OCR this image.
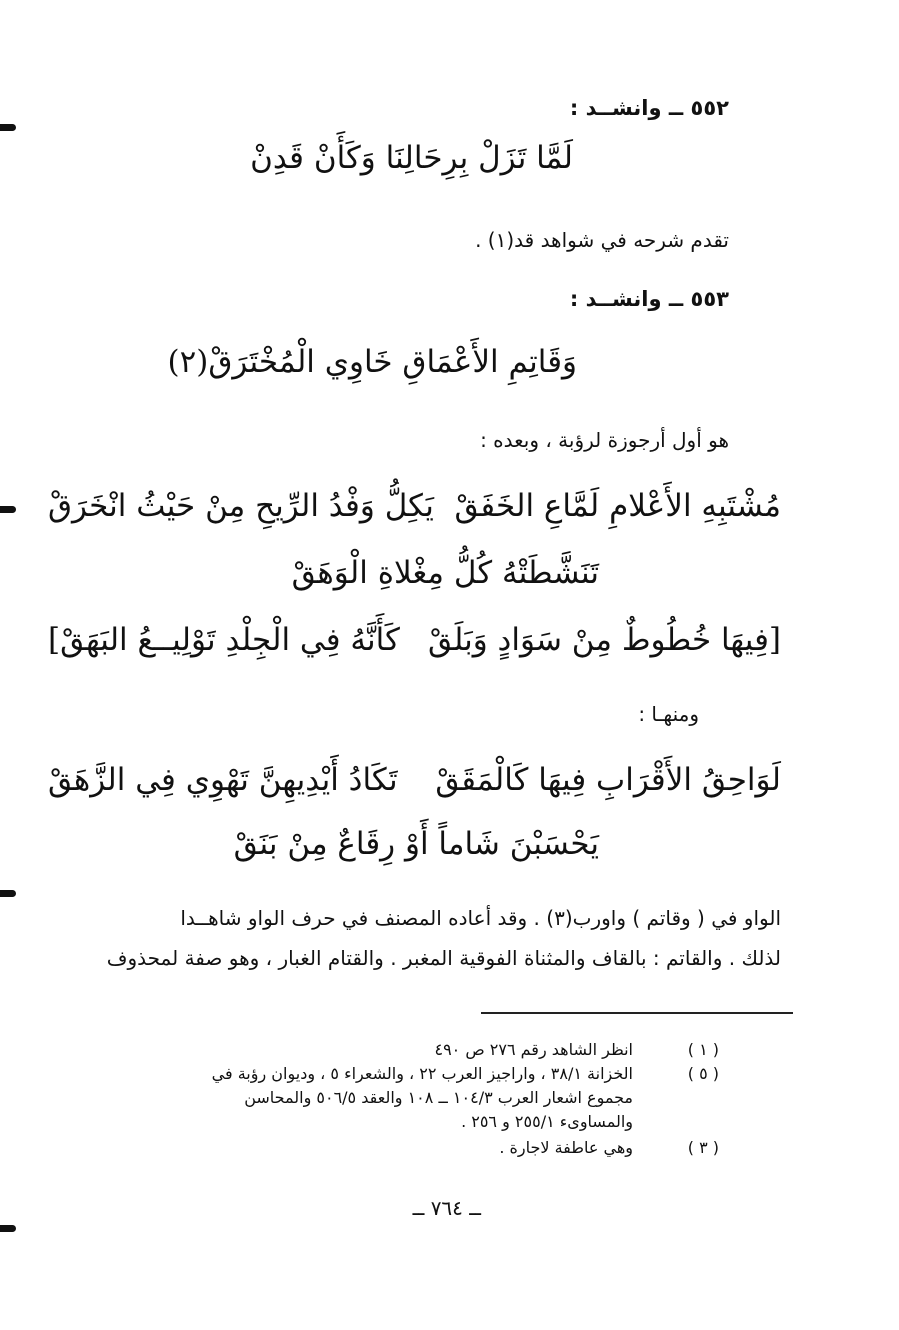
٥٥٢ ــ وانشــد :
لَمَّا تَزَلْ بِرِحَالِنَا وَكَأَنْ قَدِنْ
تقدم شرحه في شواهد قد(١) .
٥٥٣ ــ وانشــد :
وَقَاتِمِ الأَعْمَاقِ خَاوِي الْمُخْتَرَقْ(٢)
هو أول أرجوزة لرؤبة ، وبعده :
مُشْتَبِهِ الأَعْلامِ لَمَّاعِ الخَفَقْ
يَكِلُّ وَفْدُ الرِّيحِ مِنْ حَيْثُ انْخَرَقْ
تَنَشَّطَتْهُ كُلُّ مِغْلاةِ الْوَهَقْ
[فِيهَا خُطُوطٌ مِنْ سَوَادٍ وَبَلَقْ
كَأَنَّهُ فِي الْجِلْدِ تَوْلِيــعُ البَهَقْ]
ومنهـا :
لَوَاحِقُ الأَقْرَابِ فِيهَا كَالْمَقَقْ
تَكَادُ أَيْدِيهِنَّ تَهْوِي فِي الزَّهَقْ
يَحْسَبْنَ شَاماً أَوْ رِقَاعٌ مِنْ بَنَقْ
الواو في ( وقاتم ) واورب(٣) . وقد أعاده المصنف في حرف الواو شاهــدا
لذلك . والقاتم : بالقاف والمثناة الفوقية المغبر . والقتام الغبار ، وهو صفة لمحذوف
( ١ )
انظر الشاهد رقم ٢٧٦ ص ٤٩٠
( ٥ )
الخزانة ٣٨/١ ، واراجيز العرب ٢٢ ، والشعراء ٥ ، وديوان رؤبة في
مجموع اشعار العرب ١٠٤/٣ ــ ١٠٨ والعقد ٥٠٦/٥ والمحاسن
والمساوىء ٢٥٥/١ و ٢٥٦ .
( ٣ )
وهي عاطفة لاجارة .
ــ ٧٦٤ ــ
